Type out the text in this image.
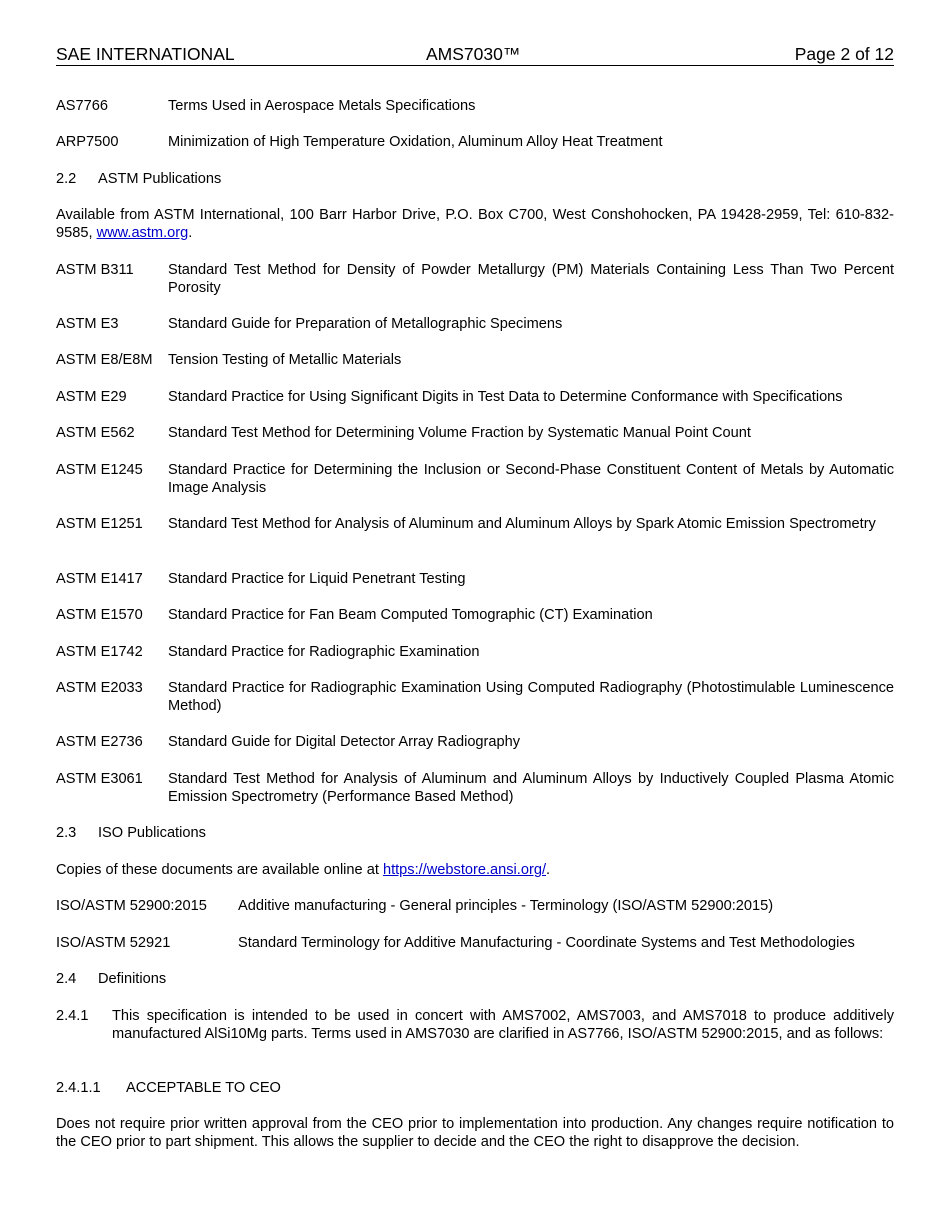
SAE INTERNATIONAL	AMS7030™	Page 2 of 12
AS7766	Terms Used in Aerospace Metals Specifications
ARP7500	Minimization of High Temperature Oxidation, Aluminum Alloy Heat Treatment
2.2	ASTM Publications
Available from ASTM International, 100 Barr Harbor Drive, P.O. Box C700, West Conshohocken, PA 19428-2959, Tel: 610-832-9585, www.astm.org.
ASTM B311	Standard Test Method for Density of Powder Metallurgy (PM) Materials Containing Less Than Two Percent Porosity
ASTM E3	Standard Guide for Preparation of Metallographic Specimens
ASTM E8/E8M	Tension Testing of Metallic Materials
ASTM E29	Standard Practice for Using Significant Digits in Test Data to Determine Conformance with Specifications
ASTM E562	Standard Test Method for Determining Volume Fraction by Systematic Manual Point Count
ASTM E1245	Standard Practice for Determining the Inclusion or Second-Phase Constituent Content of Metals by Automatic Image Analysis
ASTM E1251	Standard Test Method for Analysis of Aluminum and Aluminum Alloys by Spark Atomic Emission Spectrometry
ASTM E1417	Standard Practice for Liquid Penetrant Testing
ASTM E1570	Standard Practice for Fan Beam Computed Tomographic (CT) Examination
ASTM E1742	Standard Practice for Radiographic Examination
ASTM E2033	Standard Practice for Radiographic Examination Using Computed Radiography (Photostimulable Luminescence Method)
ASTM E2736	Standard Guide for Digital Detector Array Radiography
ASTM E3061	Standard Test Method for Analysis of Aluminum and Aluminum Alloys by Inductively Coupled Plasma Atomic Emission Spectrometry (Performance Based Method)
2.3	ISO Publications
Copies of these documents are available online at https://webstore.ansi.org/.
ISO/ASTM 52900:2015	Additive manufacturing - General principles - Terminology (ISO/ASTM 52900:2015)
ISO/ASTM 52921	Standard Terminology for Additive Manufacturing - Coordinate Systems and Test Methodologies
2.4	Definitions
2.4.1	This specification is intended to be used in concert with AMS7002, AMS7003, and AMS7018 to produce additively manufactured AlSi10Mg parts. Terms used in AMS7030 are clarified in AS7766, ISO/ASTM 52900:2015, and as follows:
2.4.1.1	ACCEPTABLE TO CEO
Does not require prior written approval from the CEO prior to implementation into production. Any changes require notification to the CEO prior to part shipment. This allows the supplier to decide and the CEO the right to disapprove the decision.
